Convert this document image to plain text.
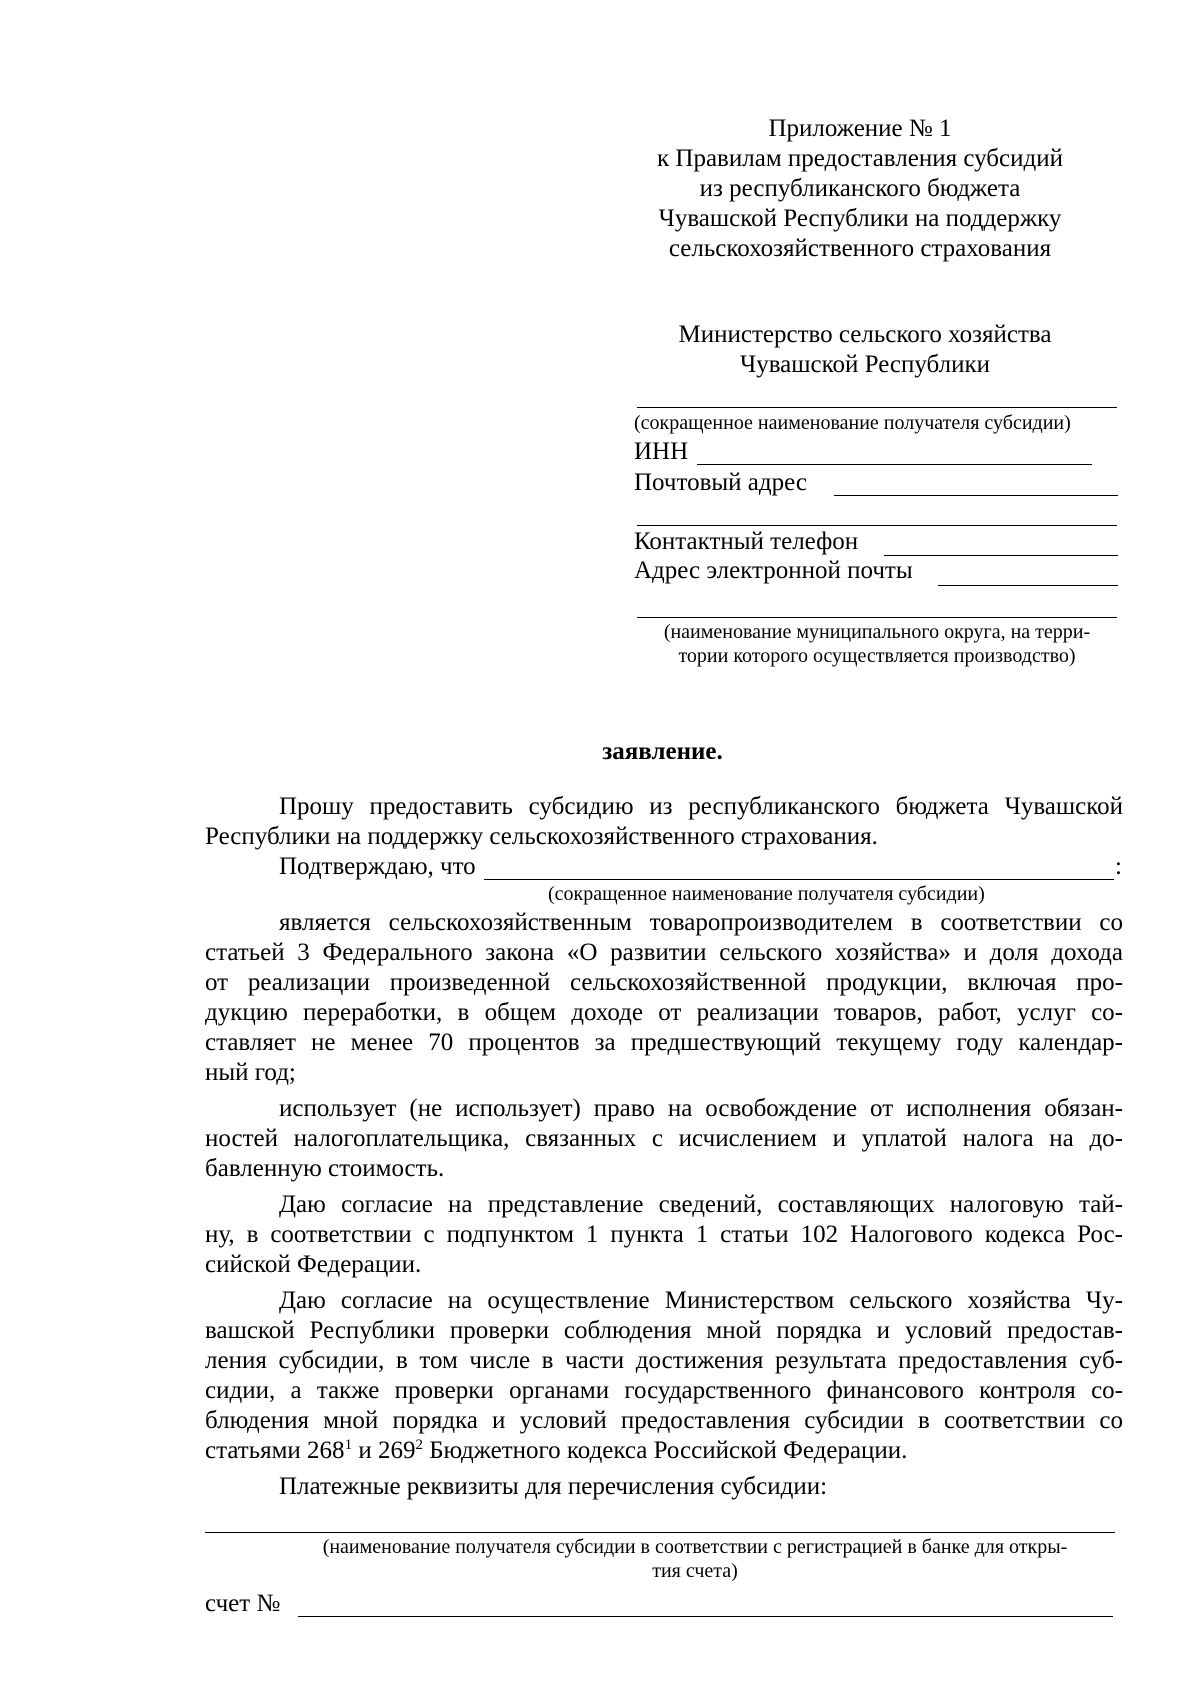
Приложение № 1
к Правилам предоставления субсидий
из республиканского бюджета
Чувашской Республики на поддержку
сельскохозяйственного страхования
Министерство сельского хозяйства
Чувашской Республики
(сокращенное наименование получателя субсидии)
ИНН
Почтовый адрес
Контактный телефон
Адрес электронной почты
(наименование муниципального округа, на терри-
тории которого осуществляется производство)
заявление.
Прошу предоставить субсидию из республиканского бюджета Чувашской
Республики на поддержку сельскохозяйственного страхования.
Подтверждаю, что	:
(сокращенное наименование получателя субсидии)
является сельскохозяйственным товаропроизводителем в соответствии со
статьей 3 Федерального закона «О развитии сельского хозяйства» и доля дохода
от реализации произведенной сельскохозяйственной продукции, включая про-
дукцию переработки, в общем доходе от реализации товаров, работ, услуг со-
ставляет не менее 70 процентов за предшествующий текущему году календар-
ный год;
использует (не использует) право на освобождение от исполнения обязан-
ностей налогоплательщика, связанных с исчислением и уплатой налога на до-
бавленную стоимость.
Даю согласие на представление сведений, составляющих налоговую тай-
ну, в соответствии с подпунктом 1 пункта 1 статьи 102 Налогового кодекса Рос-
сийской Федерации.
Даю согласие на осуществление Министерством сельского хозяйства Чу-
вашской Республики проверки соблюдения мной порядка и условий предостав-
ления субсидии, в том числе в части достижения результата предоставления суб-
сидии, а также проверки органами государственного финансового контроля со-
блюдения мной порядка и условий предоставления субсидии в соответствии со
статьями $268^1$ и $269^2$ Бюджетного кодекса Российской Федерации.
Платежные реквизиты для перечисления субсидии:
(наименование получателя субсидии в соответствии с регистрацией в банке для откры-
тия счета)
счет №
